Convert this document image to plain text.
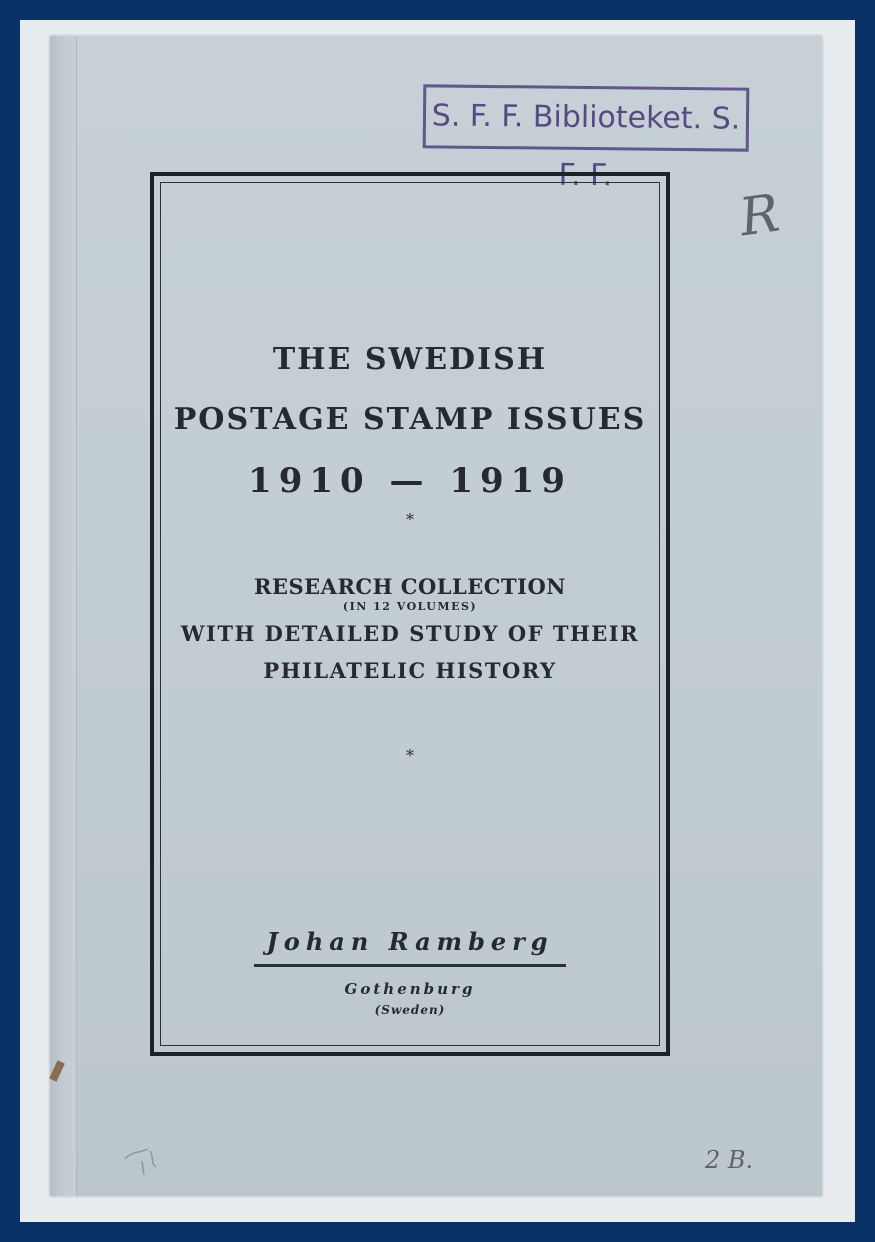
S. F. F. Biblioteket. S. F. F.
R
THE SWEDISH
POSTAGE STAMP ISSUES
1910 — 1919
*
RESEARCH COLLECTION
(IN 12 VOLUMES)
WITH DETAILED STUDY OF THEIR
PHILATELIC HISTORY
*
Johan Ramberg
Gothenburg
(Sweden)
2 B.
